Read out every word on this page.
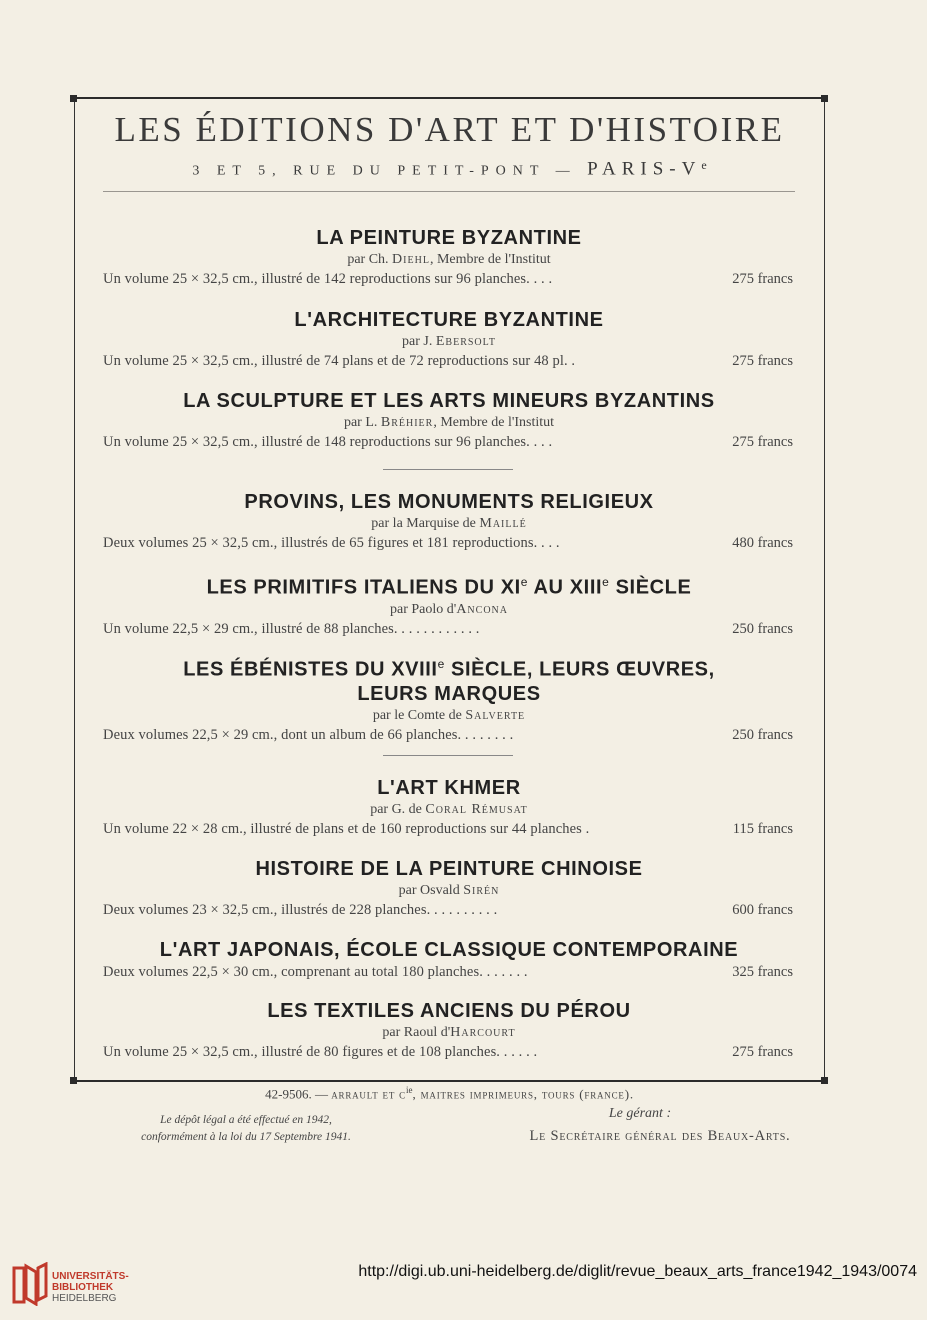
LES ÉDITIONS D'ART ET D'HISTOIRE
3 ET 5, RUE DU PETIT-PONT — PARIS-Ve
LA PEINTURE BYZANTINE
par Ch. Diehl, Membre de l'Institut
Un volume 25 × 32,5 cm., illustré de 142 reproductions sur 96 planches. . . .	275 francs
L'ARCHITECTURE BYZANTINE
par J. Ebersolt
Un volume 25 × 32,5 cm., illustré de 74 plans et de 72 reproductions sur 48 pl. .	275 francs
LA SCULPTURE ET LES ARTS MINEURS BYZANTINS
par L. Bréhier, Membre de l'Institut
Un volume 25 × 32,5 cm., illustré de 148 reproductions sur 96 planches. . . .	275 francs
PROVINS, LES MONUMENTS RELIGIEUX
par la Marquise de Maillé
Deux volumes 25 × 32,5 cm., illustrés de 65 figures et 181 reproductions. . . .	480 francs
LES PRIMITIFS ITALIENS DU XIe AU XIIIe SIÈCLE
par Paolo d'Ancona
Un volume 22,5 × 29 cm., illustré de 88 planches. . . . . . . . . . . .	250 francs
LES ÉBÉNISTES DU XVIIIe SIÈCLE, LEURS ŒUVRES,
LEURS MARQUES
par le Comte de Salverte
Deux volumes 22,5 × 29 cm., dont un album de 66 planches. . . . . . . .	250 francs
L'ART KHMER
par G. de Coral Rémusat
Un volume 22 × 28 cm., illustré de plans et de 160 reproductions sur 44 planches .	115 francs
HISTOIRE DE LA PEINTURE CHINOISE
par Osvald Sirén
Deux volumes 23 × 32,5 cm., illustrés de 228 planches. . . . . . . . . .	600 francs
L'ART JAPONAIS, ÉCOLE CLASSIQUE CONTEMPORAINE
Deux volumes 22,5 × 30 cm., comprenant au total 180 planches. . . . . . .	325 francs
LES TEXTILES ANCIENS DU PÉROU
par Raoul d'Harcourt
Un volume 25 × 32,5 cm., illustré de 80 figures et de 108 planches. . . . . .	275 francs
42-9506. — arrault et $c^{ie}$, maitres imprimeurs, tours (france).
Le dépôt légal a été effectué en 1942,
conformément à la loi du 17 Septembre 1941.
Le gérant :
Le Secrétaire général des Beaux-Arts.
UNIVERSITÄTS-
BIBLIOTHEK
HEIDELBERG
http://digi.ub.uni-heidelberg.de/diglit/revue_beaux_arts_france1942_1943/0074
